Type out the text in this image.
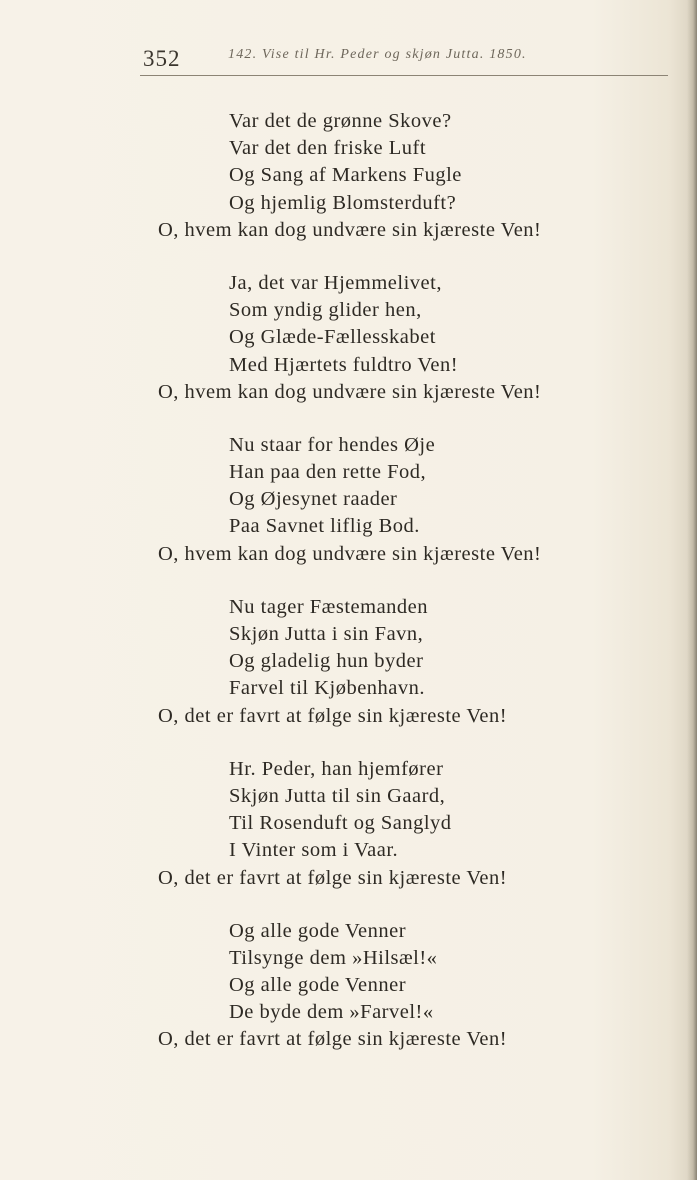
352	142. Vise til Hr. Peder og skjøn Jutta. 1850.
Var det de grønne Skove?
Var det den friske Luft
Og Sang af Markens Fugle
Og hjemlig Blomsterduft?
O, hvem kan dog undvære sin kjæreste Ven!
Ja, det var Hjemmelivet,
Som yndig glider hen,
Og Glæde-Fællesskabet
Med Hjærtets fuldtro Ven!
O, hvem kan dog undvære sin kjæreste Ven!
Nu staar for hendes Øje
Han paa den rette Fod,
Og Øjesynet raader
Paa Savnet liflig Bod.
O, hvem kan dog undvære sin kjæreste Ven!
Nu tager Fæstemanden
Skjøn Jutta i sin Favn,
Og gladelig hun byder
Farvel til Kjøbenhavn.
O, det er favrt at følge sin kjæreste Ven!
Hr. Peder, han hjemfører
Skjøn Jutta til sin Gaard,
Til Rosenduft og Sanglyd
I Vinter som i Vaar.
O, det er favrt at følge sin kjæreste Ven!
Og alle gode Venner
Tilsynge dem »Hilsæl!«
Og alle gode Venner
De byde dem »Farvel!«
O, det er favrt at følge sin kjæreste Ven!
